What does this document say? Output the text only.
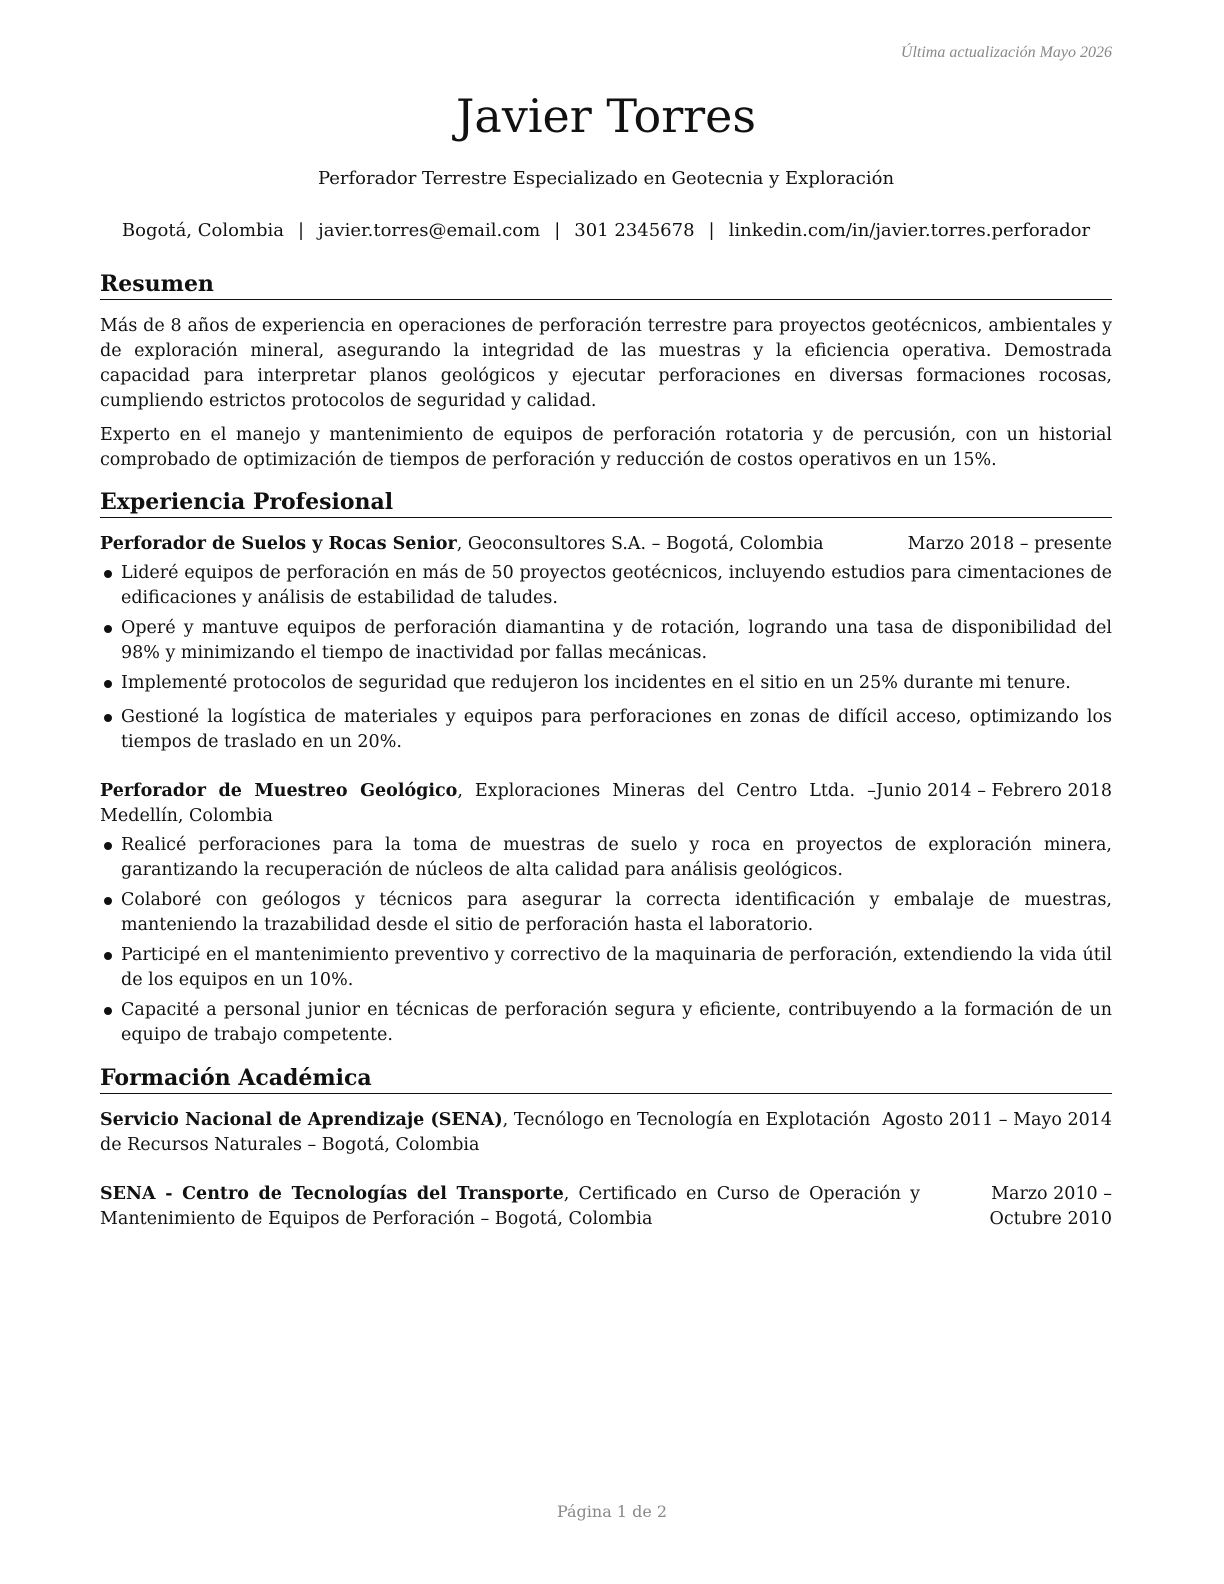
Última actualización Mayo 2026
Javier Torres
Perforador Terrestre Especializado en Geotecnia y Exploración
Bogotá, Colombia | javier.torres@email.com | 301 2345678 | linkedin.com/in/javier.torres.perforador
Resumen

Más de 8 años de experiencia en operaciones de perforación terrestre para proyectos geotécnicos, ambientales y de exploración mineral, asegurando la integridad de las muestras y la eficiencia operativa. Demostrada capacidad para interpretar planos geológicos y ejecutar perforaciones en diversas formaciones rocosas, cumpliendo estrictos protocolos de seguridad y calidad.

Experto en el manejo y mantenimiento de equipos de perforación rotatoria y de percusión, con un historial comprobado de optimización de tiempos de perforación y reducción de costos operativos en un 15%.

Experiencia Profesional
Perforador de Suelos y Rocas Senior, Geoconsultores S.A. – Bogotá, Colombia	Marzo 2018 – presente
Lideré equipos de perforación en más de 50 proyectos geotécnicos, incluyendo estudios para cimentaciones de edificaciones y análisis de estabilidad de taludes.
Operé y mantuve equipos de perforación diamantina y de rotación, logrando una tasa de disponibilidad del 98% y minimizando el tiempo de inactividad por fallas mecánicas.
Implementé protocolos de seguridad que redujeron los incidentes en el sitio en un 25% durante mi tenure.
Gestioné la logística de materiales y equipos para perforaciones en zonas de difícil acceso, optimizando los tiempos de traslado en un 20%.
Perforador de Muestreo Geológico, Exploraciones Mineras del Centro Ltda. – Medellín, Colombia
Junio 2014 – Febrero 2018
Realicé perforaciones para la toma de muestras de suelo y roca en proyectos de exploración minera, garantizando la recuperación de núcleos de alta calidad para análisis geológicos.
Colaboré con geólogos y técnicos para asegurar la correcta identificación y embalaje de muestras, manteniendo la trazabilidad desde el sitio de perforación hasta el laboratorio.
Participé en el mantenimiento preventivo y correctivo de la maquinaria de perforación, extendiendo la vida útil de los equipos en un 10%.
Capacité a personal junior en técnicas de perforación segura y eficiente, contribuyendo a la formación de un equipo de trabajo competente.
Formación Académica
Servicio Nacional de Aprendizaje (SENA), Tecnólogo en Tecnología en Explotación de Recursos Naturales – Bogotá, Colombia
Agosto 2011 – Mayo 2014
SENA - Centro de Tecnologías del Transporte, Certificado en Curso de Operación y Mantenimiento de Equipos de Perforación – Bogotá, Colombia
Marzo 2010 – Octubre 2010
Página 1 de 2
